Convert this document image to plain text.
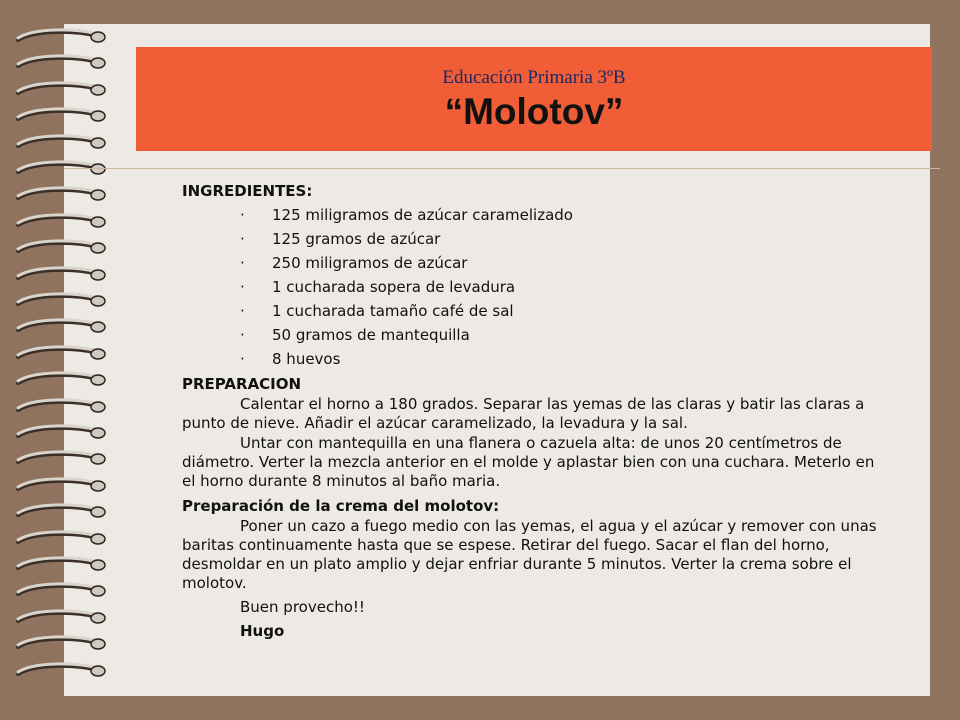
Educación Primaria 3ºB
“Molotov”
INGREDIENTES:
· 125 miligramos de azúcar caramelizado
· 125 gramos de azúcar
· 250 miligramos de azúcar
· 1 cucharada sopera de levadura
· 1 cucharada tamaño café de sal
· 50 gramos de mantequilla
· 8 huevos
PREPARACION
Calentar el horno a 180 grados. Separar las yemas de las claras y batir las claras a punto de nieve. Añadir el azúcar caramelizado, la levadura y la sal.
Untar con mantequilla en una flanera o cazuela alta: de unos 20 centímetros de diámetro. Verter la mezcla anterior en el molde y aplastar bien con una cuchara. Meterlo en el horno durante 8 minutos al baño maria.
Preparación de la crema del molotov:
Poner un cazo a fuego medio con las yemas, el agua y el azúcar y remover con unas baritas continuamente hasta que se espese. Retirar del fuego. Sacar el flan del horno, desmoldar en un plato amplio y dejar enfriar durante 5 minutos. Verter la crema sobre el molotov.
Buen provecho!!
Hugo
